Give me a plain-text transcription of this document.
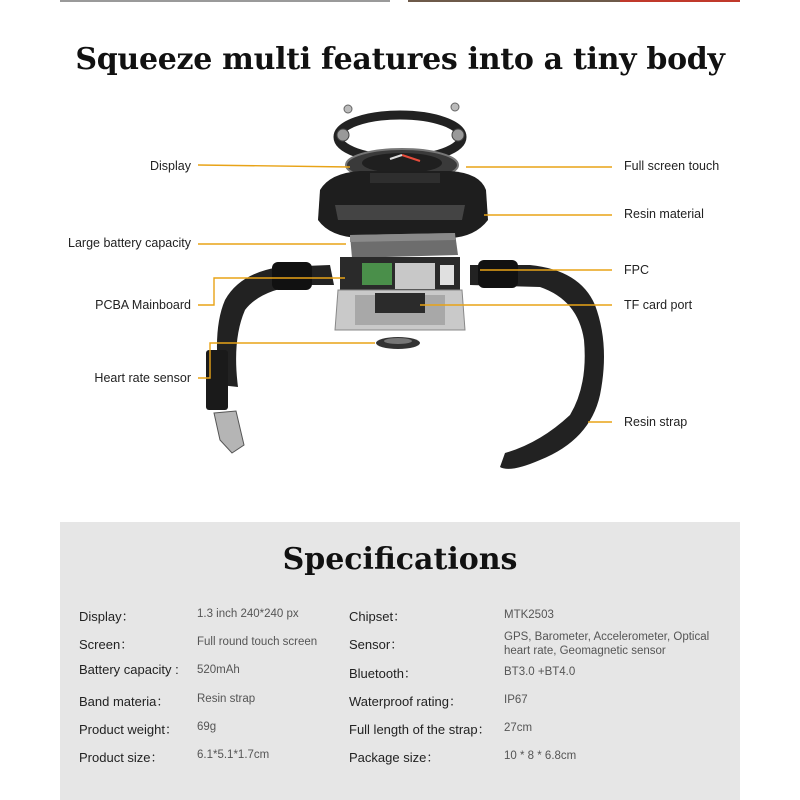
Squeeze multi features into a tiny body
Display	Full screen touch
Resin material
Large battery capacity
FPC
PCBA Mainboard	TF card port
Heart rate sensor
Resin strap
Specifications
Display：	1.3 inch 240*240 px
Screen：	Full round touch screen
Battery capacity : 520mAh
Band materia： Resin strap
Product weight： 69g
Product size：	6.1*5.1*1.7cm
Chipset：	MTK2503
Sensor：	GPS, Barometer, Accelerometer, Optical heart rate, Geomagnetic sensor
Bluetooth：	BT3.0 +BT4.0
Waterproof rating：	IP67
Full length of the strap： 27cm
Package size：	10 * 8 * 6.8cm
